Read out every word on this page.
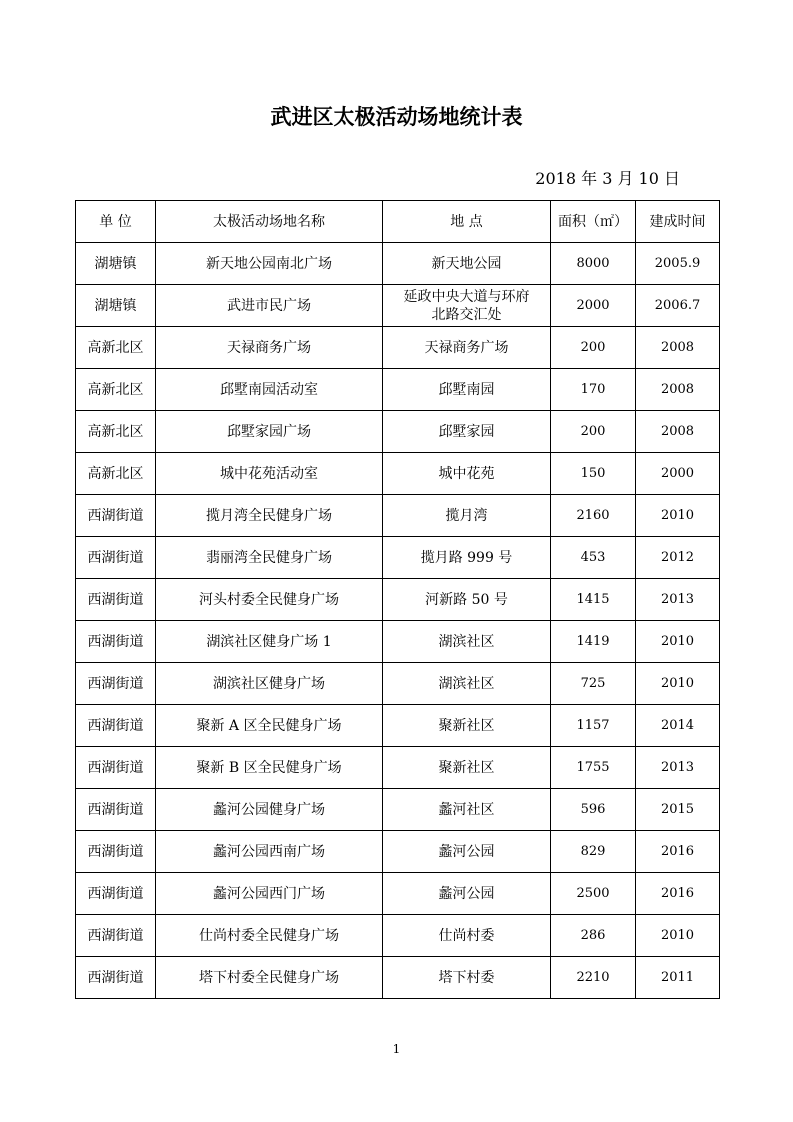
武进区太极活动场地统计表
2018 年 3 月 10 日
单 位	太极活动场地名称	地 点	面积（㎡）	建成时间
湖塘镇	新天地公园南北广场	新天地公园	8000	2005.9
湖塘镇	武进市民广场	延政中央大道与环府北路交汇处	2000	2006.7
高新北区	天禄商务广场	天禄商务广场	200	2008
高新北区	邱墅南园活动室	邱墅南园	170	2008
高新北区	邱墅家园广场	邱墅家园	200	2008
高新北区	城中花苑活动室	城中花苑	150	2000
西湖街道	揽月湾全民健身广场	揽月湾	2160	2010
西湖街道	翡丽湾全民健身广场	揽月路 999 号	453	2012
西湖街道	河头村委全民健身广场	河新路 50 号	1415	2013
西湖街道	湖滨社区健身广场 1	湖滨社区	1419	2010
西湖街道	湖滨社区健身广场	湖滨社区	725	2010
西湖街道	聚新 A 区全民健身广场	聚新社区	1157	2014
西湖街道	聚新 B 区全民健身广场	聚新社区	1755	2013
西湖街道	蠡河公园健身广场	蠡河社区	596	2015
西湖街道	蠡河公园西南广场	蠡河公园	829	2016
西湖街道	蠡河公园西门广场	蠡河公园	2500	2016
西湖街道	仕尚村委全民健身广场	仕尚村委	286	2010
西湖街道	塔下村委全民健身广场	塔下村委	2210	2011
1
